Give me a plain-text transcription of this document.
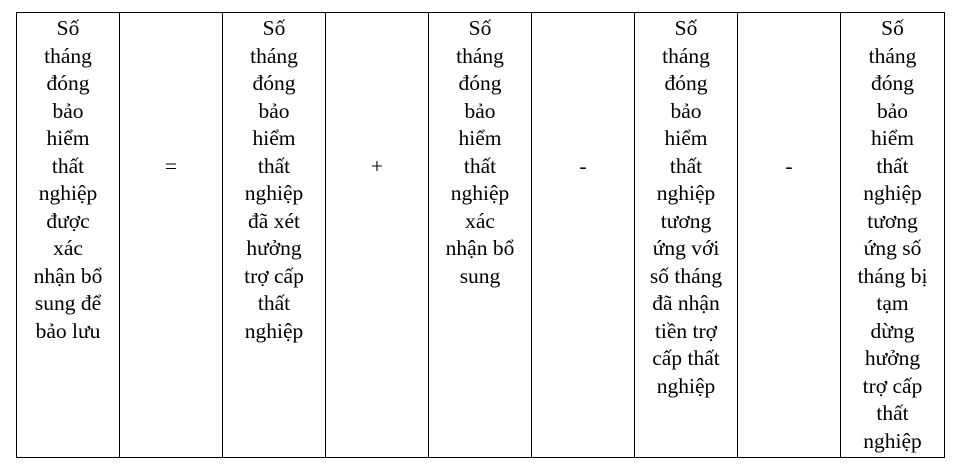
Số
tháng
đóng
bảo
hiểm
thất
nghiệp
được
xác
nhận bổ
sung để
bảo lưu

=

Số
tháng
đóng
bảo
hiểm
thất
nghiệp
đã xét
hưởng
trợ cấp
thất
nghiệp

+

Số
tháng
đóng
bảo
hiểm
thất
nghiệp
xác
nhận bổ
sung

-

Số
tháng
đóng
bảo
hiểm
thất
nghiệp
tương
ứng với
số tháng
đã nhận
tiền trợ
cấp thất
nghiệp

-

Số
tháng
đóng
bảo
hiểm
thất
nghiệp
tương
ứng số
tháng bị
tạm
dừng
hưởng
trợ cấp
thất
nghiệp
